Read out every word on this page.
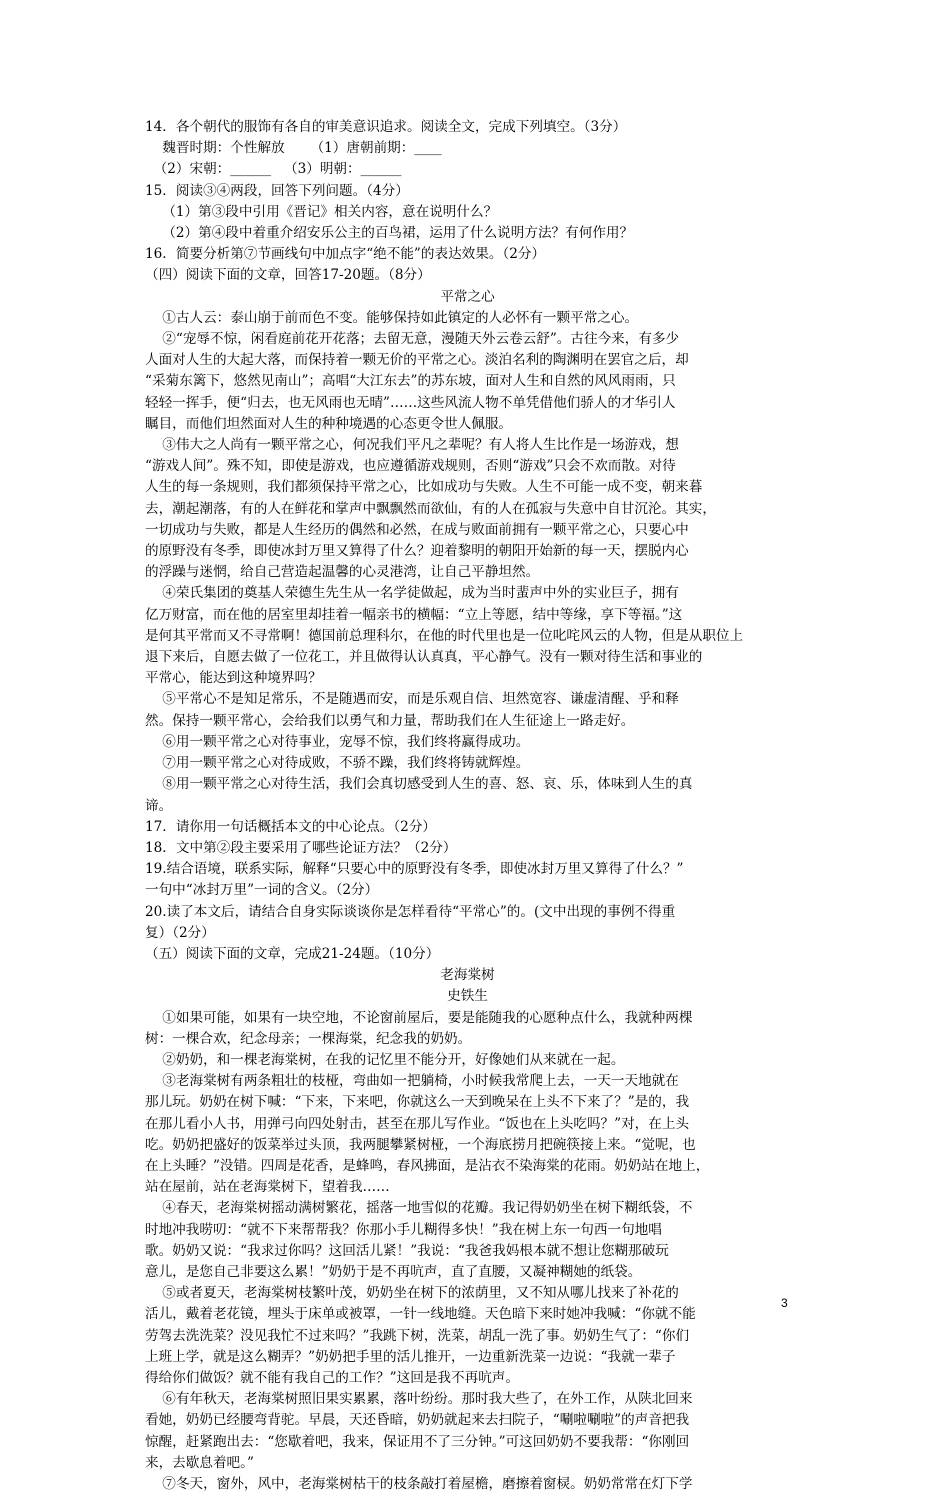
14．各个朝代的服饰有各自的审美意识追求。阅读全文，完成下列填空。（3分）
魏晋时期：个性解放      （1）唐朝前期：____
（2）宋朝：______   （3）明朝：______
15．阅读③④两段，回答下列问题。（4分）
（1）第③段中引用《晋记》相关内容，意在说明什么？
（2）第④段中着重介绍安乐公主的百鸟裙，运用了什么说明方法？有何作用？
16．简要分析第⑦节画线句中加点字“绝不能”的表达效果。（2分）
（四）阅读下面的文章，回答17-20题。（8分）
平常之心
①古人云：泰山崩于前而色不变。能够保持如此镇定的人必怀有一颗平常之心。
②“宠辱不惊，闲看庭前花开花落；去留无意，漫随天外云卷云舒”。古往今来，有多少
人面对人生的大起大落，而保持着一颗无价的平常之心。淡泊名利的陶渊明在罢官之后，却
“采菊东篱下，悠然见南山”；高唱“大江东去”的苏东坡，面对人生和自然的风风雨雨，只
轻轻一挥手，便“归去，也无风雨也无晴”……这些风流人物不单凭借他们骄人的才华引人
瞩目，而他们坦然面对人生的种种境遇的心态更令世人佩服。
③伟大之人尚有一颗平常之心，何况我们平凡之辈呢？有人将人生比作是一场游戏，想
“游戏人间”。殊不知，即使是游戏，也应遵循游戏规则，否则“游戏”只会不欢而散。对待
人生的每一条规则，我们都须保持平常之心，比如成功与失败。人生不可能一成不变，朝来暮
去，潮起潮落，有的人在鲜花和掌声中飘飘然而欲仙，有的人在孤寂与失意中自甘沉沦。其实，
一切成功与失败，都是人生经历的偶然和必然，在成与败面前拥有一颗平常之心，只要心中
的原野没有冬季，即使冰封万里又算得了什么？迎着黎明的朝阳开始新的每一天，摆脱内心
的浮躁与迷惘，给自己营造起温馨的心灵港湾，让自己平静坦然。
④荣氏集团的奠基人荣德生先生从一名学徒做起，成为当时蜚声中外的实业巨子，拥有
亿万财富，而在他的居室里却挂着一幅亲书的横幅：“立上等愿，结中等缘，享下等福。”这
是何其平常而又不寻常啊！德国前总理科尔，在他的时代里也是一位叱咤风云的人物，但是从职位上
退下来后，自愿去做了一位花工，并且做得认认真真，平心静气。没有一颗对待生活和事业的
平常心，能达到这种境界吗？
⑤平常心不是知足常乐，不是随遇而安，而是乐观自信、坦然宽容、谦虚清醒、乎和释
然。保持一颗平常心，会给我们以勇气和力量，帮助我们在人生征途上一路走好。
⑥用一颗平常之心对待事业，宠辱不惊，我们终将赢得成功。
⑦用一颗平常之心对待成败，不骄不躁，我们终将铸就辉煌。
⑧用一颗平常之心对待生活，我们会真切感受到人生的喜、怒、哀、乐，体味到人生的真
谛。
17．请你用一句话概括本文的中心论点。（2分）
18．文中第②段主要采用了哪些论证方法？（2分）
19.结合语境，联系实际，解释“只要心中的原野没有冬季，即使冰封万里又算得了什么？”
一句中“冰封万里”一词的含义。（2分）
20.读了本文后，请结合自身实际谈谈你是怎样看待“平常心”的。(文中出现的事例不得重
复）（2分）
（五）阅读下面的文章，完成21-24题。（10分）
老海棠树
史铁生
①如果可能，如果有一块空地，不论窗前屋后，要是能随我的心愿种点什么，我就种两棵
树：一棵合欢，纪念母亲；一棵海棠，纪念我的奶奶。
②奶奶，和一棵老海棠树，在我的记忆里不能分开，好像她们从来就在一起。
③老海棠树有两条粗壮的枝桠，弯曲如一把躺椅，小时候我常爬上去，一天一天地就在
那儿玩。奶奶在树下喊：“下来，下来吧，你就这么一天到晚呆在上头不下来了？”是的，我
在那儿看小人书，用弹弓向四处射击，甚至在那儿写作业。“饭也在上头吃吗？”对，在上头
吃。奶奶把盛好的饭菜举过头顶，我两腿攀紧树桠，一个海底捞月把碗筷接上来。“觉呢，也
在上头睡？”没错。四周是花香，是蜂鸣，春风拂面，是沾衣不染海棠的花雨。奶奶站在地上，
站在屋前，站在老海棠树下，望着我……
④春天，老海棠树摇动满树繁花，摇落一地雪似的花瓣。我记得奶奶坐在树下糊纸袋，不
时地冲我唠叨：“就不下来帮帮我？你那小手儿糊得多快！”我在树上东一句西一句地唱
歌。奶奶又说：“我求过你吗？这回活儿紧！”我说：“我爸我妈根本就不想让您糊那破玩
意儿，是您自己非要这么累！”奶奶于是不再吭声，直了直腰，又凝神糊她的纸袋。
⑤或者夏天，老海棠树枝繁叶茂，奶奶坐在树下的浓荫里，又不知从哪儿找来了补花的
活儿，戴着老花镜，埋头于床单或被罩，一针一线地缝。天色暗下来时她冲我喊：“你就不能
劳驾去洗洗菜？没见我忙不过来吗？”我跳下树，洗菜，胡乱一洗了事。奶奶生气了：“你们
上班上学，就是这么糊弄？”奶奶把手里的活儿推开，一边重新洗菜一边说：“我就一辈子
得给你们做饭？就不能有我自己的工作？”这回是我不再吭声。
⑥有年秋天，老海棠树照旧果实累累，落叶纷纷。那时我大些了，在外工作，从陕北回来
看她，奶奶已经腰弯背驼。早晨，天还昏暗，奶奶就起来去扫院子，“唰啦唰啦”的声音把我
惊醒，赶紧跑出去：“您歇着吧，我来，保证用不了三分钟。”可这回奶奶不要我帮：“你刚回
来，去歇息着吧。”
⑦冬天，窗外，风中，老海棠树枯干的枝条敲打着屋檐，磨擦着窗棂。奶奶常常在灯下学
3
